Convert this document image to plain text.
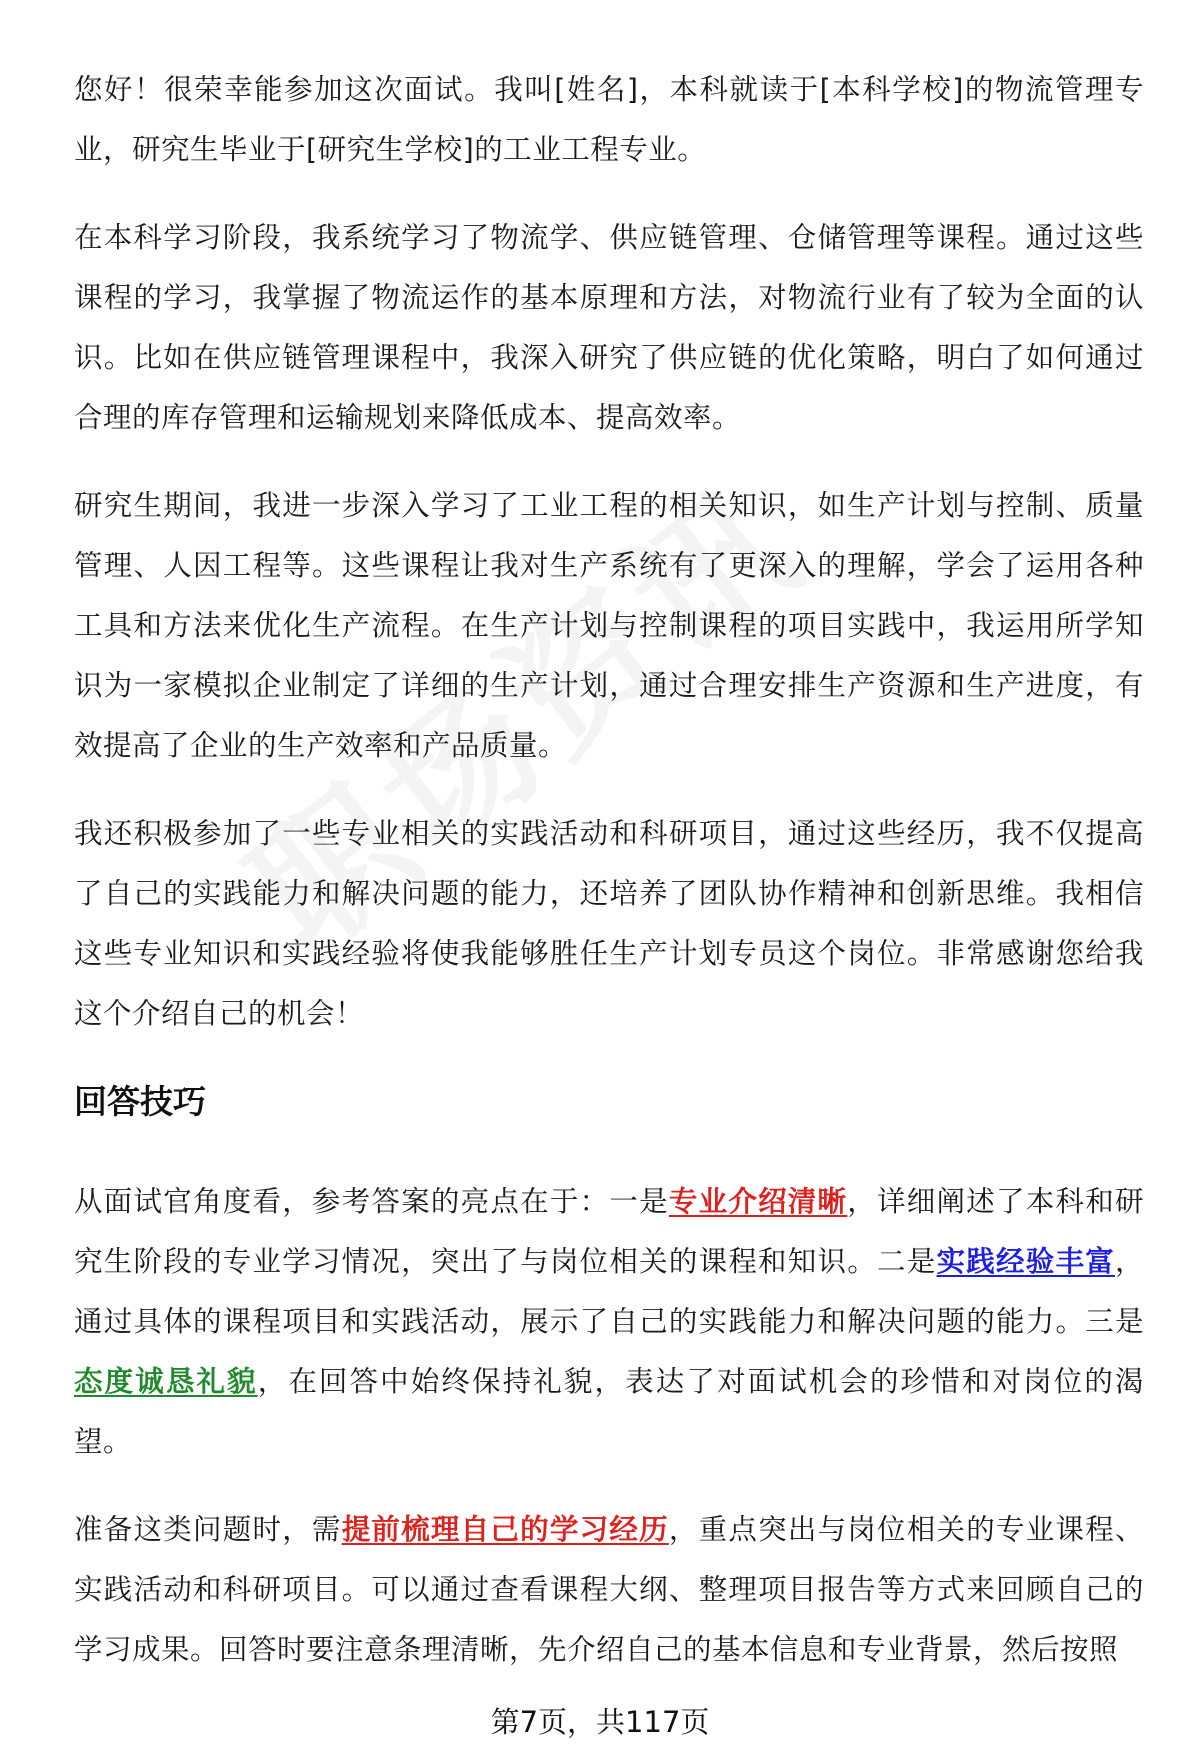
您好！很荣幸能参加这次面试。我叫[姓名]，本科就读于[本科学校]的物流管理专业，研究生毕业于[研究生学校]的工业工程专业。

在本科学习阶段，我系统学习了物流学、供应链管理、仓储管理等课程。通过这些课程的学习，我掌握了物流运作的基本原理和方法，对物流行业有了较为全面的认识。比如在供应链管理课程中，我深入研究了供应链的优化策略，明白了如何通过合理的库存管理和运输规划来降低成本、提高效率。

研究生期间，我进一步深入学习了工业工程的相关知识，如生产计划与控制、质量管理、人因工程等。这些课程让我对生产系统有了更深入的理解，学会了运用各种工具和方法来优化生产流程。在生产计划与控制课程的项目实践中，我运用所学知识为一家模拟企业制定了详细的生产计划，通过合理安排生产资源和生产进度，有效提高了企业的生产效率和产品质量。

我还积极参加了一些专业相关的实践活动和科研项目，通过这些经历，我不仅提高了自己的实践能力和解决问题的能力，还培养了团队协作精神和创新思维。我相信这些专业知识和实践经验将使我能够胜任生产计划专员这个岗位。非常感谢您给我这个介绍自己的机会！

回答技巧

从面试官角度看，参考答案的亮点在于：一是专业介绍清晰，详细阐述了本科和研究生阶段的专业学习情况，突出了与岗位相关的课程和知识。二是实践经验丰富，通过具体的课程项目和实践活动，展示了自己的实践能力和解决问题的能力。三是态度诚恳礼貌，在回答中始终保持礼貌，表达了对面试机会的珍惜和对岗位的渴望。

准备这类问题时，需提前梳理自己的学习经历，重点突出与岗位相关的专业课程、实践活动和科研项目。可以通过查看课程大纲、整理项目报告等方式来回顾自己的学习成果。回答时要注意条理清晰，先介绍自己的基本信息和专业背景，然后按照

第7页，共117页
